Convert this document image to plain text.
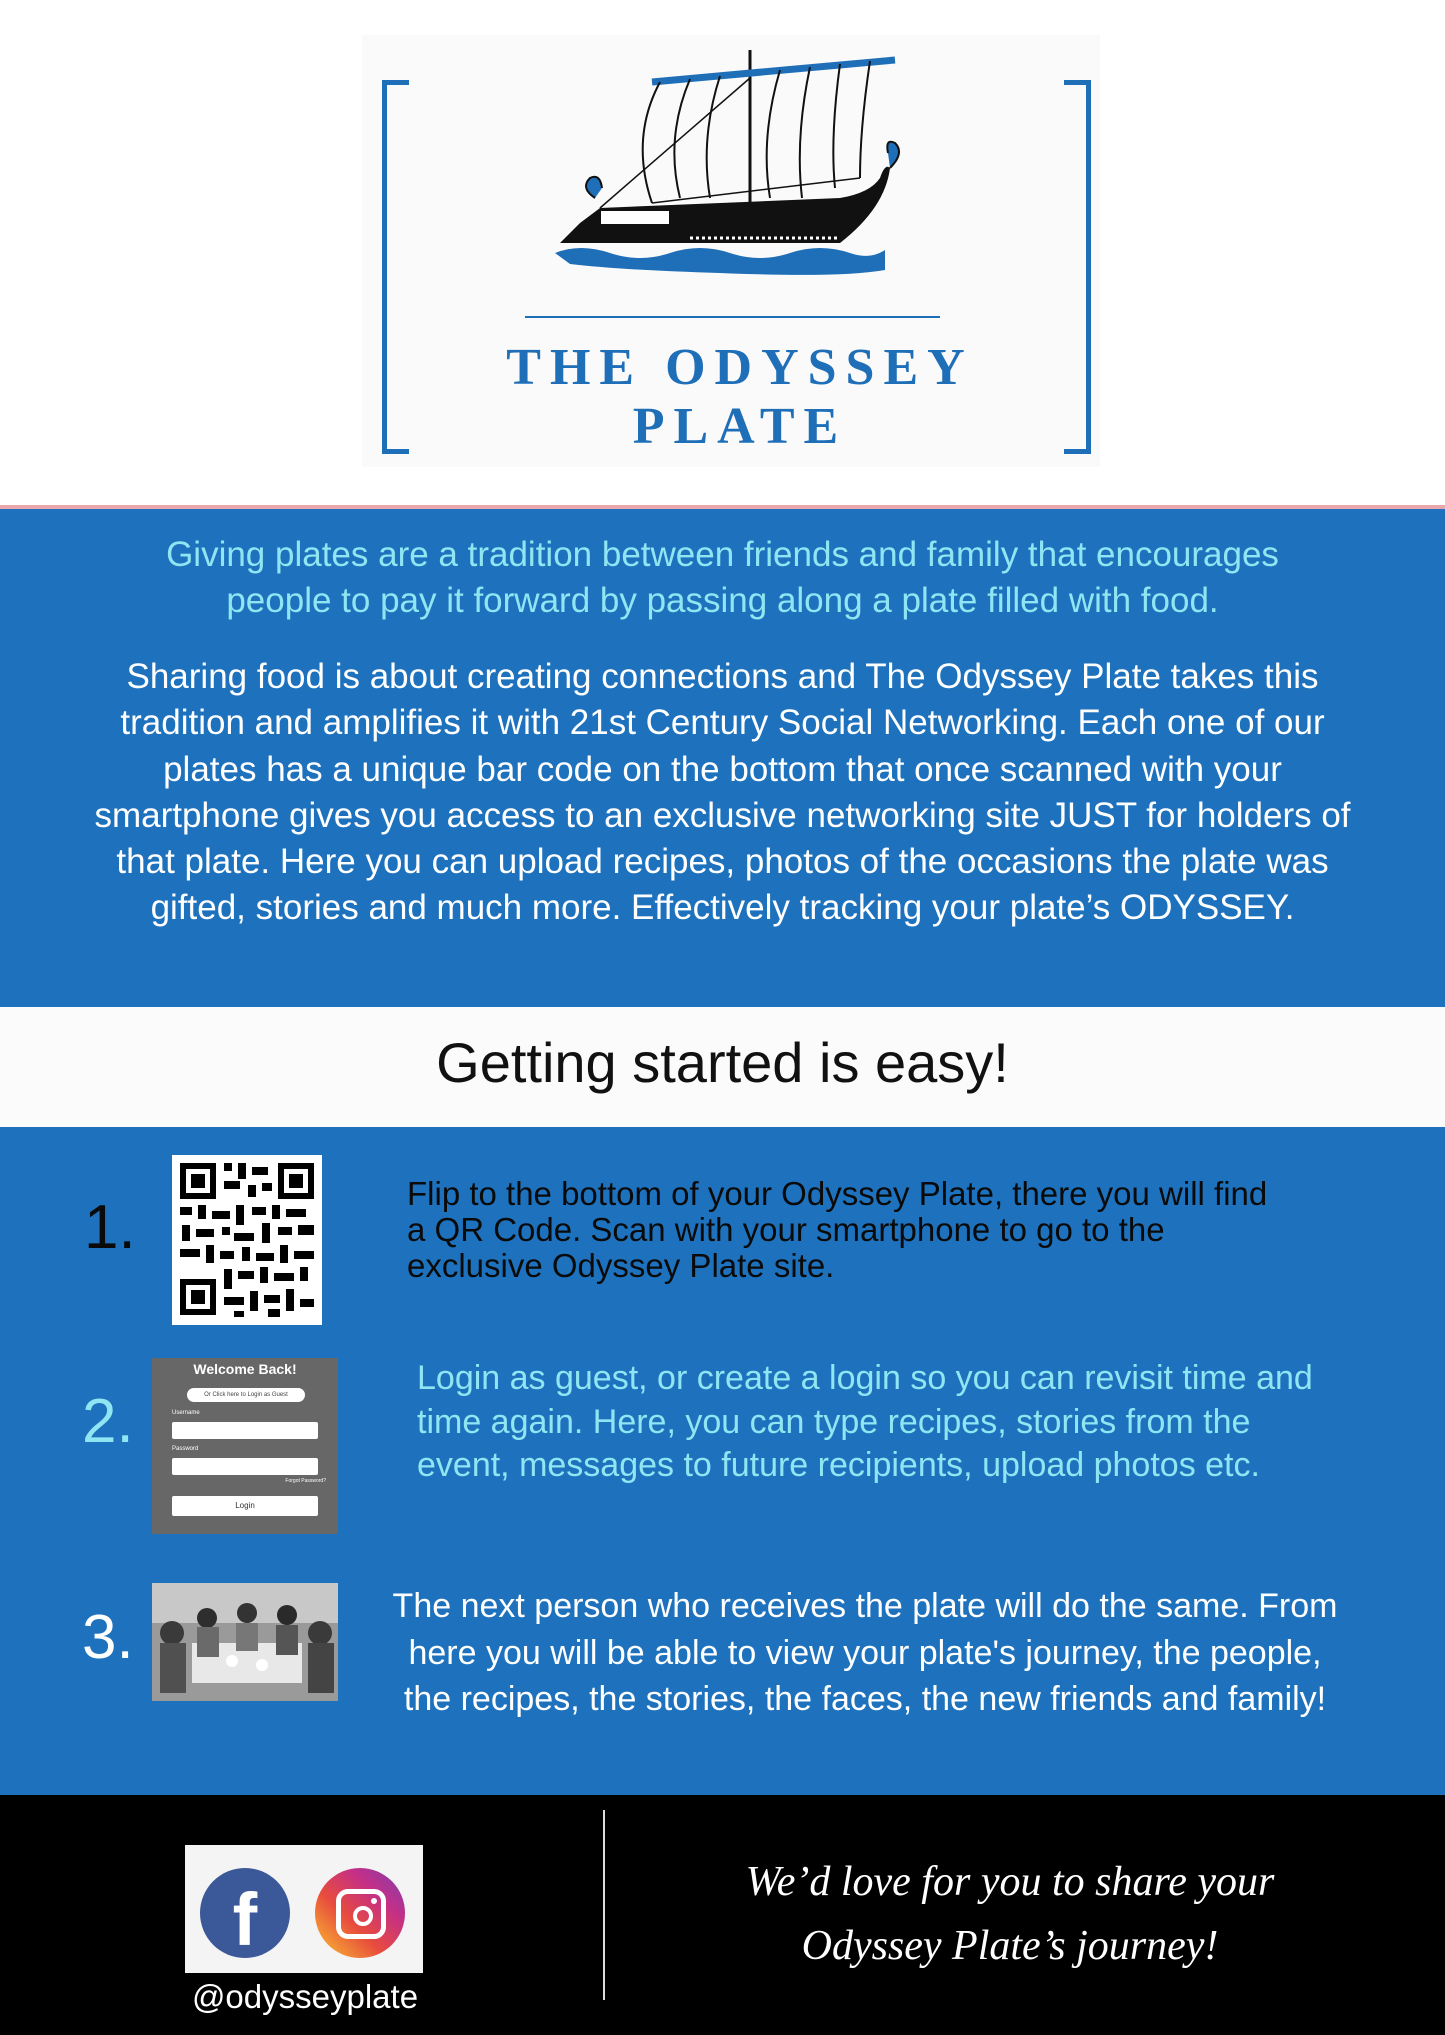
THE ODYSSEY PLATE
Giving plates are a tradition between friends and family that encourages people to pay it forward by passing along a plate filled with food.
Sharing food is about creating connections and The Odyssey Plate takes this tradition and amplifies it with 21st Century Social Networking. Each one of our plates has a unique bar code on the bottom that once scanned with your smartphone gives you access to an exclusive networking site JUST for holders of that plate. Here you can upload recipes, photos of the occasions the plate was gifted, stories and much more. Effectively tracking your plate’s ODYSSEY.
Getting started is easy!
1.	Flip to the bottom of your Odyssey Plate, there you will find a QR Code. Scan with your smartphone to go to the exclusive Odyssey Plate site.
2.
Welcome Back!
Or Click here to Login as Guest
Username
Password
Forgot Password?
Login
Login as guest, or create a login so you can revisit time and time again. Here, you can type recipes, stories from the event, messages to future recipients, upload photos etc.
3.	The next person who receives the plate will do the same. From here you will be able to view your plate's journey, the people, the recipes, the stories, the faces, the new friends and family!
f
@odysseyplate
We’d love for you to share your
Odyssey Plate’s journey!
